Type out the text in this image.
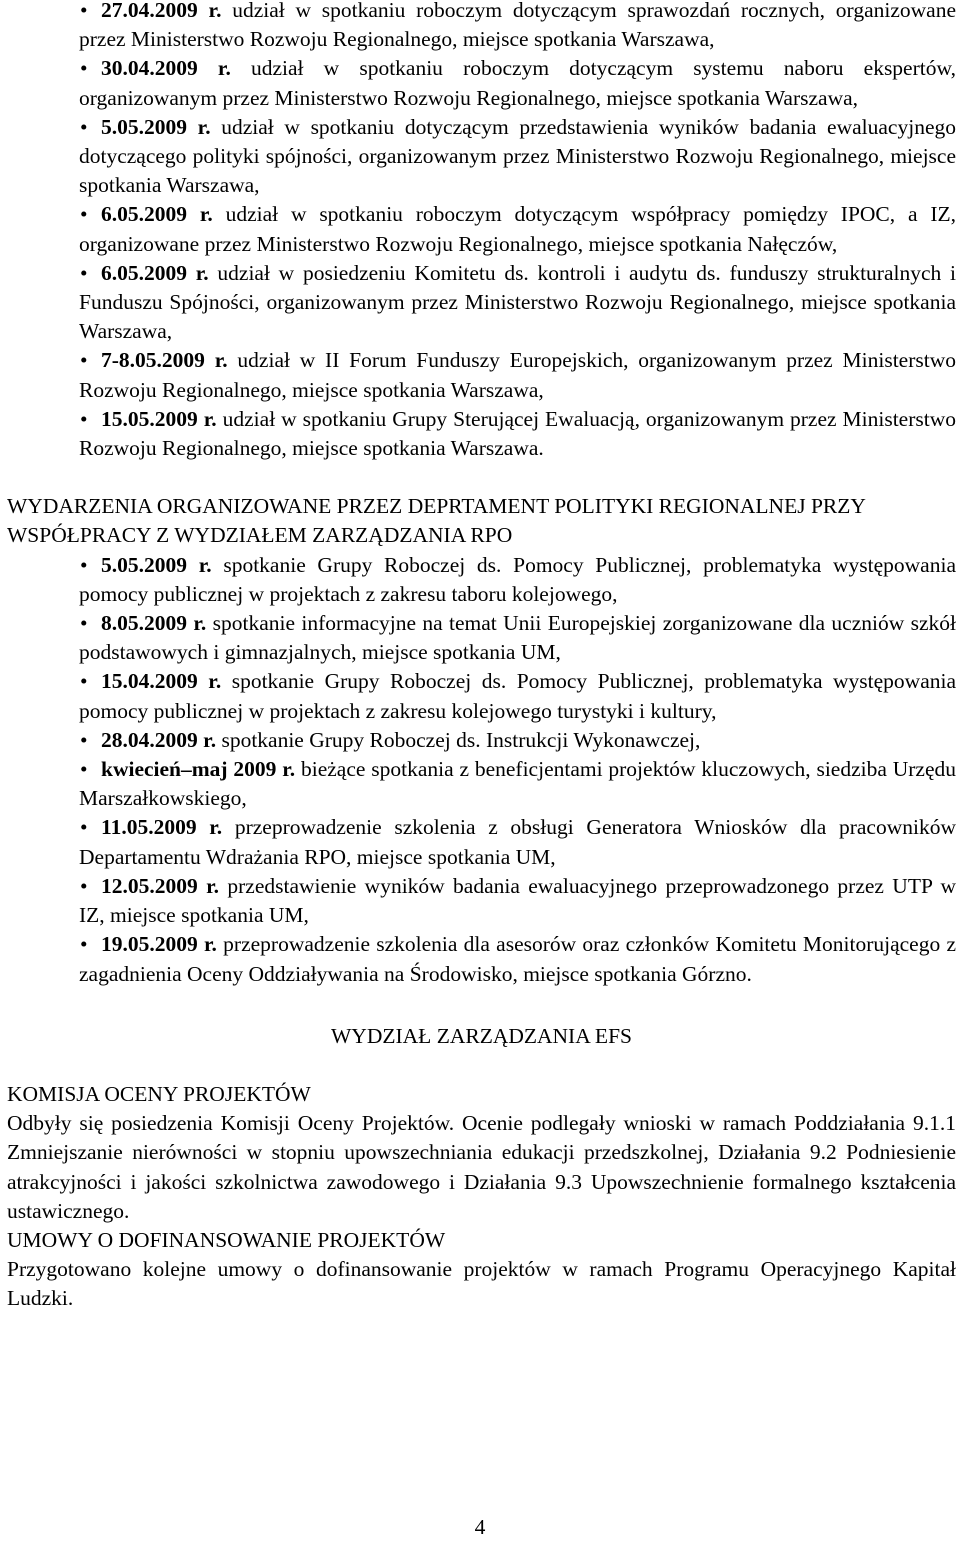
• 27.04.2009 r. udział w spotkaniu roboczym dotyczącym sprawozdań rocznych, organizowane przez Ministerstwo Rozwoju Regionalnego, miejsce spotkania Warszawa,
• 30.04.2009 r. udział w spotkaniu roboczym dotyczącym systemu naboru ekspertów, organizowanym przez Ministerstwo Rozwoju Regionalnego, miejsce spotkania Warszawa,
• 5.05.2009 r. udział w spotkaniu dotyczącym przedstawienia wyników badania ewaluacyjnego dotyczącego polityki spójności, organizowanym przez Ministerstwo Rozwoju Regionalnego, miejsce spotkania Warszawa,
• 6.05.2009 r. udział w spotkaniu roboczym dotyczącym współpracy pomiędzy IPOC, a IZ, organizowane przez Ministerstwo Rozwoju Regionalnego, miejsce spotkania Nałęczów,
• 6.05.2009 r. udział w posiedzeniu Komitetu ds. kontroli i audytu ds. funduszy strukturalnych i Funduszu Spójności, organizowanym przez Ministerstwo Rozwoju Regionalnego, miejsce spotkania Warszawa,
• 7-8.05.2009 r. udział w II Forum Funduszy Europejskich, organizowanym przez Ministerstwo Rozwoju Regionalnego, miejsce spotkania Warszawa,
• 15.05.2009 r. udział w spotkaniu Grupy Sterującej Ewaluacją, organizowanym przez Ministerstwo Rozwoju Regionalnego, miejsce spotkania Warszawa.
WYDARZENIA ORGANIZOWANE PRZEZ DEPRTAMENT POLITYKI REGIONALNEJ PRZY WSPÓŁPRACY Z WYDZIAŁEM ZARZĄDZANIA RPO
• 5.05.2009 r. spotkanie Grupy Roboczej ds. Pomocy Publicznej, problematyka występowania pomocy publicznej w projektach z zakresu taboru kolejowego,
• 8.05.2009 r. spotkanie informacyjne na temat Unii Europejskiej zorganizowane dla uczniów szkół podstawowych i gimnazjalnych, miejsce spotkania UM,
• 15.04.2009 r. spotkanie Grupy Roboczej ds. Pomocy Publicznej, problematyka występowania pomocy publicznej w projektach z zakresu kolejowego turystyki i kultury,
• 28.04.2009 r. spotkanie Grupy Roboczej ds. Instrukcji Wykonawczej,
• kwiecień–maj 2009 r. bieżące spotkania z beneficjentami projektów kluczowych, siedziba Urzędu Marszałkowskiego,
• 11.05.2009 r. przeprowadzenie szkolenia z obsługi Generatora Wniosków dla pracowników Departamentu Wdrażania RPO, miejsce spotkania UM,
• 12.05.2009 r. przedstawienie wyników badania ewaluacyjnego przeprowadzonego przez UTP w IZ, miejsce spotkania UM,
• 19.05.2009 r. przeprowadzenie szkolenia dla asesorów oraz członków Komitetu Monitorującego z zagadnienia Oceny Oddziaływania na Środowisko, miejsce spotkania Górzno.
WYDZIAŁ ZARZĄDZANIA EFS
KOMISJA OCENY PROJEKTÓW
Odbyły się posiedzenia Komisji Oceny Projektów. Ocenie podlegały wnioski w ramach Poddziałania 9.1.1 Zmniejszanie nierówności w stopniu upowszechniania edukacji przedszkolnej, Działania 9.2 Podniesienie atrakcyjności i jakości szkolnictwa zawodowego i Działania 9.3 Upowszechnienie formalnego kształcenia ustawicznego.
UMOWY O DOFINANSOWANIE PROJEKTÓW
Przygotowano kolejne umowy o dofinansowanie projektów w ramach Programu Operacyjnego Kapitał Ludzki.
4
